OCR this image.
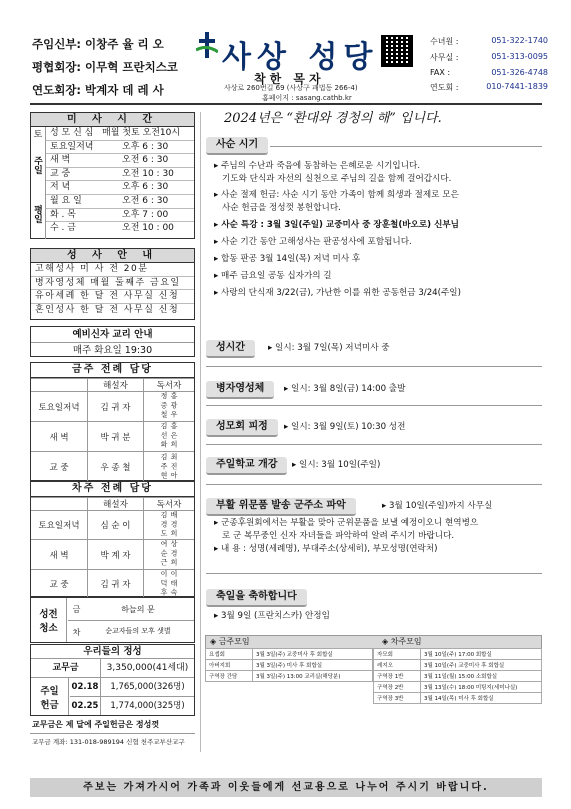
주임신부: 이창주 율 리 오
평협회장: 이무혁 프란치스코
연도회장: 박계자 데 레 사
사상 성당
착한 목자
사상로 260번길 69 (사상구 괘법동 266-4)
홈페이지 : sasang.cathb.kr
수녀원 :	051-322-1740
사무실 :	051-313-0095
FAX :	051-326-4748
연도회 :	010-7441-1839
2024년은 “환대와 경청의 해” 입니다.
미 사 시 간
토
주일
평일
성 모 신 심 매월 첫토 오전10시
토요일저녁	오후 6 : 30
새 벽	오전 6 : 30
교 중	오전 10 : 30
저 녁	오후 6 : 30
월 요 일	오전 6 : 30
화 . 목	오후 7 : 00
수 . 금	오전 10 : 00
성 사 안 내
고해성사 미 사 전 20분
병자영성체 매월 둘째주 금요일
유아세례 한 달 전 사무실 신청
혼인성사 한 달 전 사무실 신청
예비신자 교리 안내
매주 화요일 19:30
금주 전례 담당
	해설자	독서자
토요일저녁	김 귀 자	정 중 철 홍 광 우
새 벽	박 귀 분	김 선 화 홍 은 희
교 중	우 종 철	김 주 현 최 진 아
차주 전례 담당
	해설자	독서자
토요일저녁	심 순 이	김 경 도 배 경 희
새 벽	박 계 자	여 순 근 상 경 희
교 중	김 귀 자	이 덕 후 이 태 숙
성전 청소
금	하늘의 문
차	순교자들의 모후 샛별
우리들의 정성
교무금	3,350,000(41세대)
주일 헌금
02.18	1,765,000(326명)
02.25	1,774,000(325명)
교무금은 제 달에 주일헌금은 정성껏
교무금 계좌: 131-018-989194 신협 천주교부산교구
사순 시기
▸ 주님의 수난과 죽음에 동참하는 은혜로운 시기입니다.
기도와 단식과 자선의 실천으로 주님의 길을 함께 걸어갑시다.
▸ 사순 절제 헌금: 사순 시기 동안 가족이 함께 희생과 절제로 모은
사순 헌금을 정성껏 봉헌합니다.
▸ 사순 특강 : 3월 3일(주일) 교중미사 중 장훈철(바오로) 신부님
▸ 사순 기간 동안 고해성사는 판공성사에 포함됩니다.
▸ 합동 판공 3월 14일(목) 저녁 미사 후
▸ 매주 금요일 공동 십자가의 길
▸ 사랑의 단식재 3/22(금), 가난한 이를 위한 공동헌금 3/24(주일)
성시간	▸ 일시: 3월 7일(목) 저녁미사 중
병자영성체	▸ 일시: 3월 8일(금) 14:00 출발
성모회 피정	▸ 일시: 3월 9일(토) 10:30 성전
주일학교 개강	▸ 일시: 3월 10일(주일)
부활 위문품 발송 군주소 파악	▸ 3월 10일(주일)까지 사무실
▸ 군종후원회에서는 부활을 맞아 군위문품을 보낼 예정이오니 현역병으
로 군 복무중인 신자 자녀들을 파악하여 알려 주시기 바랍니다.
▸ 내 용 : 성명(세례명), 부대주소(상세히), 부모성명(연락처)
축일을 축하합니다
▸ 3월 9일 (프란치스카) 안정임
◈ 금주모임	◈ 차주모임
요셉회	3월 3일(주) 교중미사 후 회합실
아버지회	3월 3일(주) 미사 후 회합실
구역장 간담	3월 3일(주) 13:00 교리실(해당분)
자모회	3월 10일(주) 17:00 회합실
레지오	3월 10일(주) 교중미사 후 회합실
구역장 1반	3월 11일(월) 15:00 소회합실
구역장 2반	3월 13일(수) 18:00 미팅지(세미나실)
구역장 3반	3월 14일(목) 미사 후 회합실
주보는 가져가시어 가족과 이웃들에게 선교용으로 나누어 주시기 바랍니다.
